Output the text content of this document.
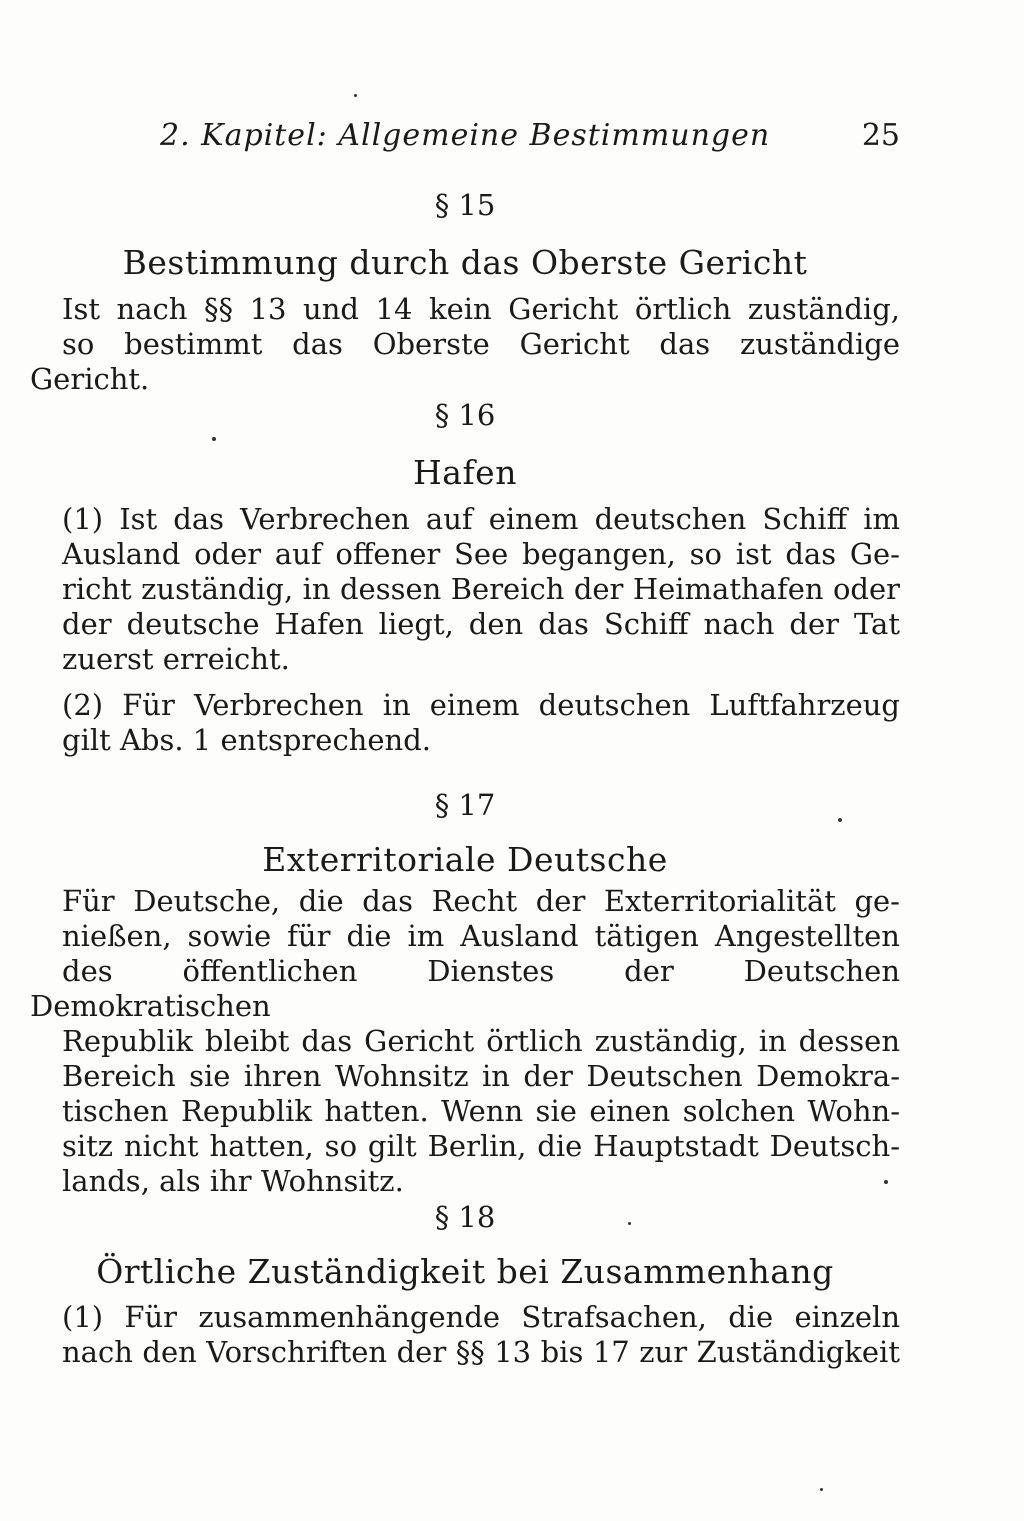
2. Kapitel: Allgemeine Bestimmungen	25
§ 15
Bestimmung durch das Oberste Gericht
Ist nach §§ 13 und 14 kein Gericht örtlich zuständig,
so bestimmt das Oberste Gericht das zuständige Gericht.
§ 16
Hafen
(1) Ist das Verbrechen auf einem deutschen Schiff im
Ausland oder auf offener See begangen, so ist das Ge-
richt zuständig, in dessen Bereich der Heimathafen oder
der deutsche Hafen liegt, den das Schiff nach der Tat
zuerst erreicht.
(2) Für Verbrechen in einem deutschen Luftfahrzeug
gilt Abs. 1 entsprechend.
§ 17
Exterritoriale Deutsche
Für Deutsche, die das Recht der Exterritorialität ge-
nießen, sowie für die im Ausland tätigen Angestellten
des öffentlichen Dienstes der Deutschen Demokratischen
Republik bleibt das Gericht örtlich zuständig, in dessen
Bereich sie ihren Wohnsitz in der Deutschen Demokra-
tischen Republik hatten. Wenn sie einen solchen Wohn-
sitz nicht hatten, so gilt Berlin, die Hauptstadt Deutsch-
lands, als ihr Wohnsitz.
§ 18
Örtliche Zuständigkeit bei Zusammenhang
(1) Für zusammenhängende Strafsachen, die einzeln
nach den Vorschriften der §§ 13 bis 17 zur Zuständigkeit
